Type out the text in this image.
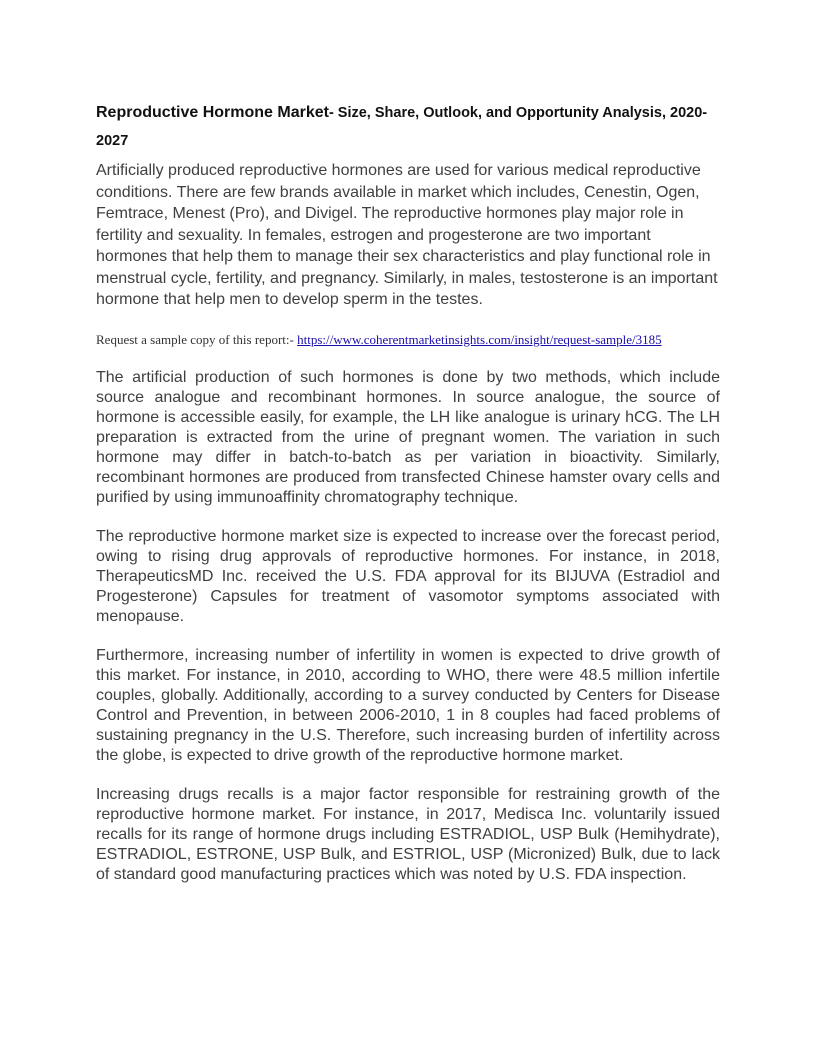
Reproductive Hormone Market- Size, Share, Outlook, and Opportunity Analysis, 2020- 2027

Artificially produced reproductive hormones are used for various medical reproductive conditions. There are few brands available in market which includes, Cenestin, Ogen, Femtrace, Menest (Pro), and Divigel. The reproductive hormones play major role in fertility and sexuality. In females, estrogen and progesterone are two important hormones that help them to manage their sex characteristics and play functional role in menstrual cycle, fertility, and pregnancy. Similarly, in males, testosterone is an important hormone that help men to develop sperm in the testes.

Request a sample copy of this report:- https://www.coherentmarketinsights.com/insight/request-sample/3185

The artificial production of such hormones is done by two methods, which include source analogue and recombinant hormones. In source analogue, the source of hormone is accessible easily, for example, the LH like analogue is urinary hCG. The LH preparation is extracted from the urine of pregnant women. The variation in such hormone may differ in batch-to-batch as per variation in bioactivity. Similarly, recombinant hormones are produced from transfected Chinese hamster ovary cells and purified by using immunoaffinity chromatography technique.

The reproductive hormone market size is expected to increase over the forecast period, owing to rising drug approvals of reproductive hormones. For instance, in 2018, TherapeuticsMD Inc. received the U.S. FDA approval for its BIJUVA (Estradiol and Progesterone) Capsules for treatment of vasomotor symptoms associated with menopause.

Furthermore, increasing number of infertility in women is expected to drive growth of this market. For instance, in 2010, according to WHO, there were 48.5 million infertile couples, globally. Additionally, according to a survey conducted by Centers for Disease Control and Prevention, in between 2006-2010, 1 in 8 couples had faced problems of sustaining pregnancy in the U.S. Therefore, such increasing burden of infertility across the globe, is expected to drive growth of the reproductive hormone market.

Increasing drugs recalls is a major factor responsible for restraining growth of the reproductive hormone market. For instance, in 2017, Medisca Inc. voluntarily issued recalls for its range of hormone drugs including ESTRADIOL, USP Bulk (Hemihydrate), ESTRADIOL, ESTRONE, USP Bulk, and ESTRIOL, USP (Micronized) Bulk, due to lack of standard good manufacturing practices which was noted by U.S. FDA inspection.
